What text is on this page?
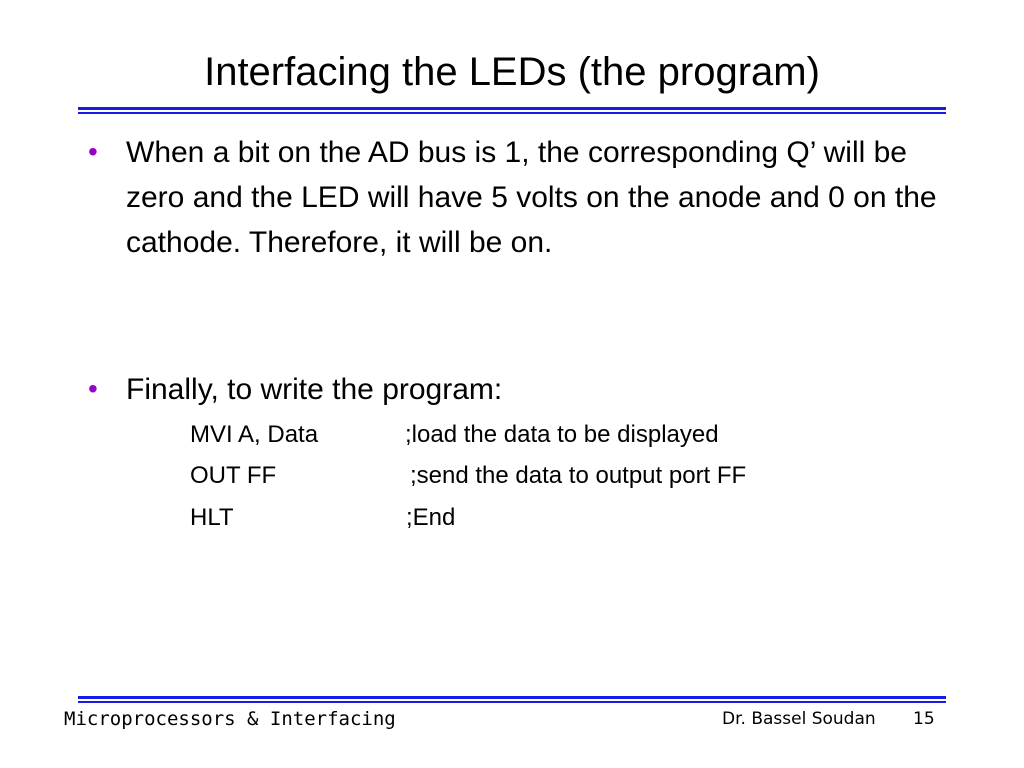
Interfacing the LEDs (the program)
• When a bit on the AD bus is 1, the corresponding Q’ will be zero and the LED will have 5 volts on the anode and 0 on the cathode. Therefore, it will be on.
• Finally, to write the program:

MVI A, Data

	;load the data to be displayed

OUT FF

	;send the data to output port FF

HLT

	;End

Microprocessors & Interfacing	Dr. Bassel Soudan 15
